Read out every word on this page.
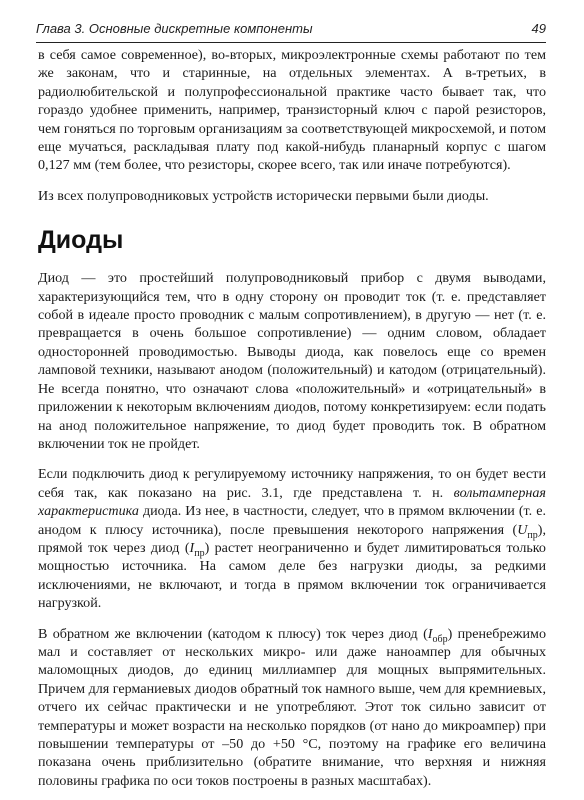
Глава 3. Основные дискретные компоненты	49

в себя самое современное), во-вторых, микроэлектронные схемы работают по тем же законам, что и старинные, на отдельных элементах. А в-третьих, в радиолюбительской и полупрофессиональной практике часто бывает так, что гораздо удобнее применить, например, транзисторный ключ с парой резисторов, чем гоняться по торговым организациям за соответствующей микросхемой, и потом еще мучаться, раскладывая плату под какой-нибудь планарный корпус с шагом 0,127 мм (тем более, что резисторы, скорее всего, так или иначе потребуются).

Из всех полупроводниковых устройств исторически первыми были диоды.

Диоды

Диод — это простейший полупроводниковый прибор с двумя выводами, характеризующийся тем, что в одну сторону он проводит ток (т. е. представляет собой в идеале просто проводник с малым сопротивлением), в другую — нет (т. е. превращается в очень большое сопротивление) — одним словом, обладает односторонней проводимостью. Выводы диода, как повелось еще со времен ламповой техники, называют анодом (положительный) и катодом (отрицательный). Не всегда понятно, что означают слова «положительный» и «отрицательный» в приложении к некоторым включениям диодов, потому конкретизируем: если подать на анод положительное напряжение, то диод будет проводить ток. В обратном включении ток не пройдет.

Если подключить диод к регулируемому источнику напряжения, то он будет вести себя так, как показано на рис. 3.1, где представлена т. н. вольтамперная характеристика диода. Из нее, в частности, следует, что в прямом включении (т. е. анодом к плюсу источника), после превышения некоторого напряжения $(U_{пр})$, прямой ток через диод $(I_{пр})$ растет неограниченно и будет лимитироваться только мощностью источника. На самом деле без нагрузки диоды, за редкими исключениями, не включают, и тогда в прямом включении ток ограничивается нагрузкой.

В обратном же включении (катодом к плюсу) ток через диод $(I_{обр})$ пренебрежимо мал и составляет от нескольких микро- или даже наноампер для обычных маломощных диодов, до единиц миллиампер для мощных выпрямительных. Причем для германиевых диодов обратный ток намного выше, чем для кремниевых, отчего их сейчас практически и не употребляют. Этот ток сильно зависит от температуры и может возрасти на несколько порядков (от нано до микроампер) при повышении температуры от –50 до +50 °С, поэтому на графике его величина показана очень приблизительно (обратите внимание, что верхняя и нижняя половины графика по оси токов построены в разных масштабах).
